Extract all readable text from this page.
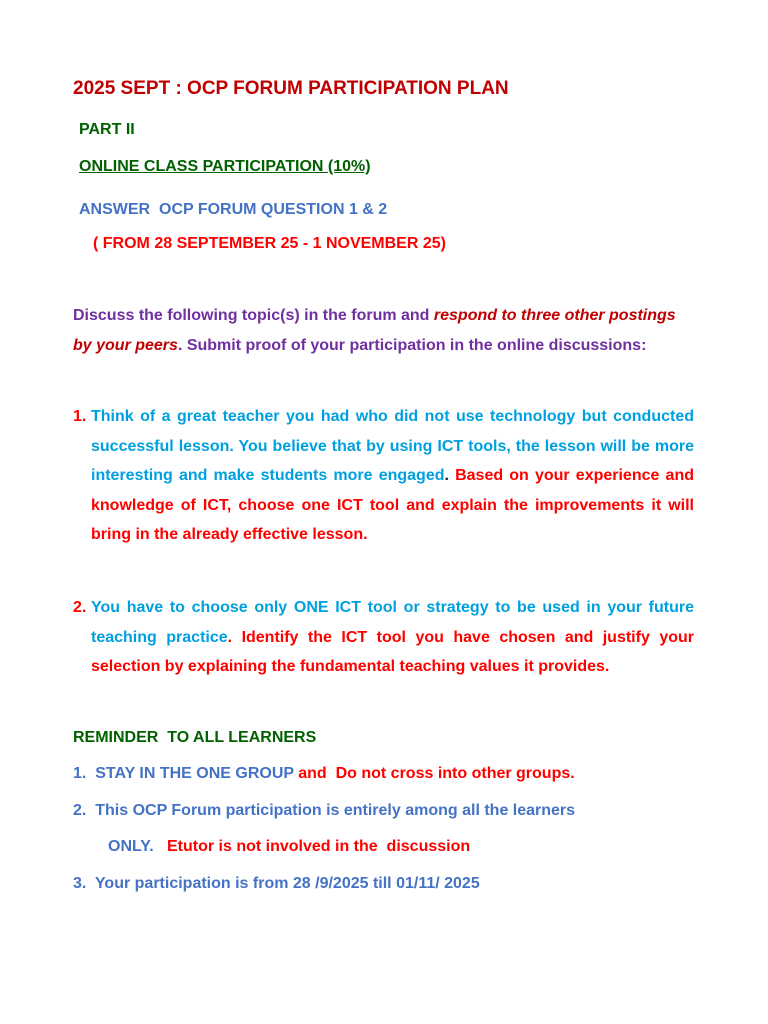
2025 SEPT : OCP FORUM PARTICIPATION PLAN
PART II
ONLINE CLASS PARTICIPATION (10%)
ANSWER  OCP FORUM QUESTION 1 & 2
( FROM 28 SEPTEMBER 25 - 1 NOVEMBER 25)
Discuss the following topic(s) in the forum and respond to three other postings by your peers. Submit proof of your participation in the online discussions:
1. Think of a great teacher you had who did not use technology but conducted successful lesson. You believe that by using ICT tools, the lesson will be more interesting and make students more engaged. Based on your experience and knowledge of ICT, choose one ICT tool and explain the improvements it will bring in the already effective lesson.
2. You have to choose only ONE ICT tool or strategy to be used in your future teaching practice. Identify the ICT tool you have chosen and justify your selection by explaining the fundamental teaching values it provides.
REMINDER  TO ALL LEARNERS
1.  STAY IN THE ONE GROUP and  Do not cross into other groups.
2.  This OCP Forum participation is entirely among all the learners
ONLY.   Etutor is not involved in the  discussion
3.  Your participation is from 28 /9/2025 till 01/11/ 2025
